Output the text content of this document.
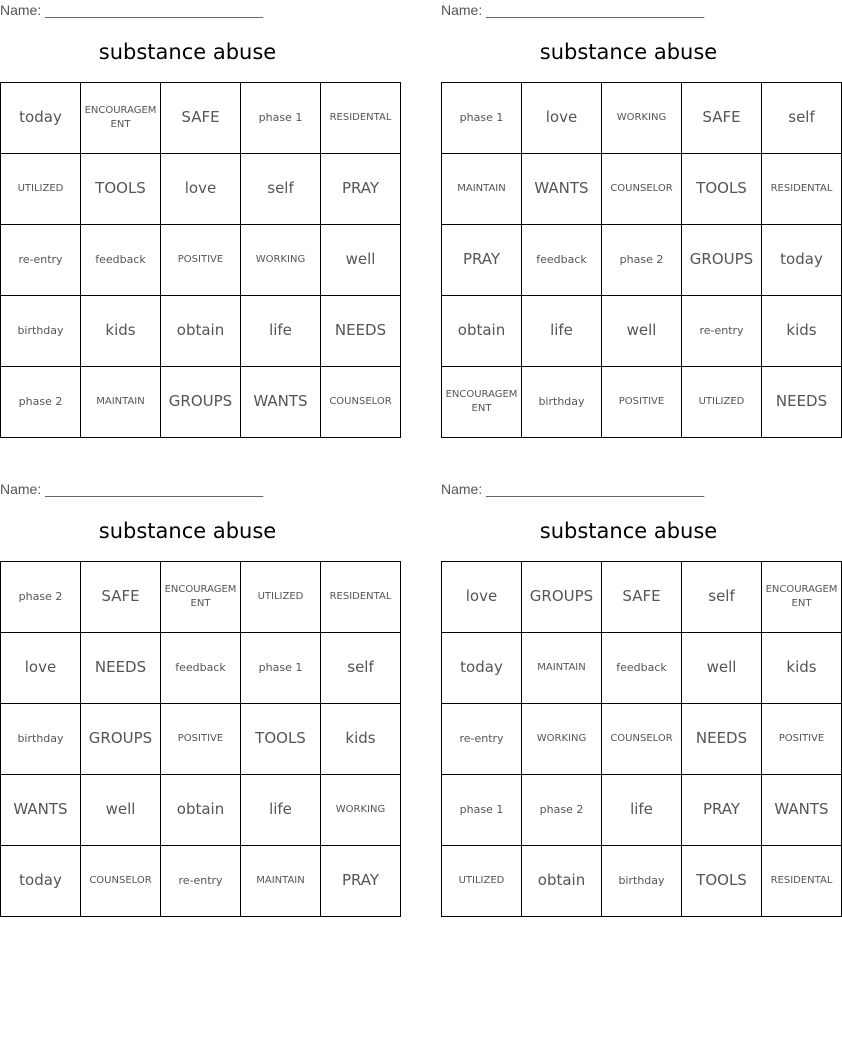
Name: ____________________________
substance abuse
today	ENCOURAGEMENT	SAFE	phase 1	RESIDENTAL
UTILIZED	TOOLS	love	self	PRAY
re-entry	feedback	POSITIVE	WORKING	well
birthday	kids	obtain	life	NEEDS
phase 2	MAINTAIN	GROUPS	WANTS	COUNSELOR
Name: ____________________________
substance abuse
phase 1	love	WORKING	SAFE	self
MAINTAIN	WANTS	COUNSELOR	TOOLS	RESIDENTAL
PRAY	feedback	phase 2	GROUPS	today
obtain	life	well	re-entry	kids
ENCOURAGEMENT	birthday	POSITIVE	UTILIZED	NEEDS
Name: ____________________________
substance abuse
phase 2	SAFE	ENCOURAGEMENT	UTILIZED	RESIDENTAL
love	NEEDS	feedback	phase 1	self
birthday	GROUPS	POSITIVE	TOOLS	kids
WANTS	well	obtain	life	WORKING
today	COUNSELOR	re-entry	MAINTAIN	PRAY
Name: ____________________________
substance abuse
love	GROUPS	SAFE	self	ENCOURAGEMENT
today	MAINTAIN	feedback	well	kids
re-entry	WORKING	COUNSELOR	NEEDS	POSITIVE
phase 1	phase 2	life	PRAY	WANTS
UTILIZED	obtain	birthday	TOOLS	RESIDENTAL
